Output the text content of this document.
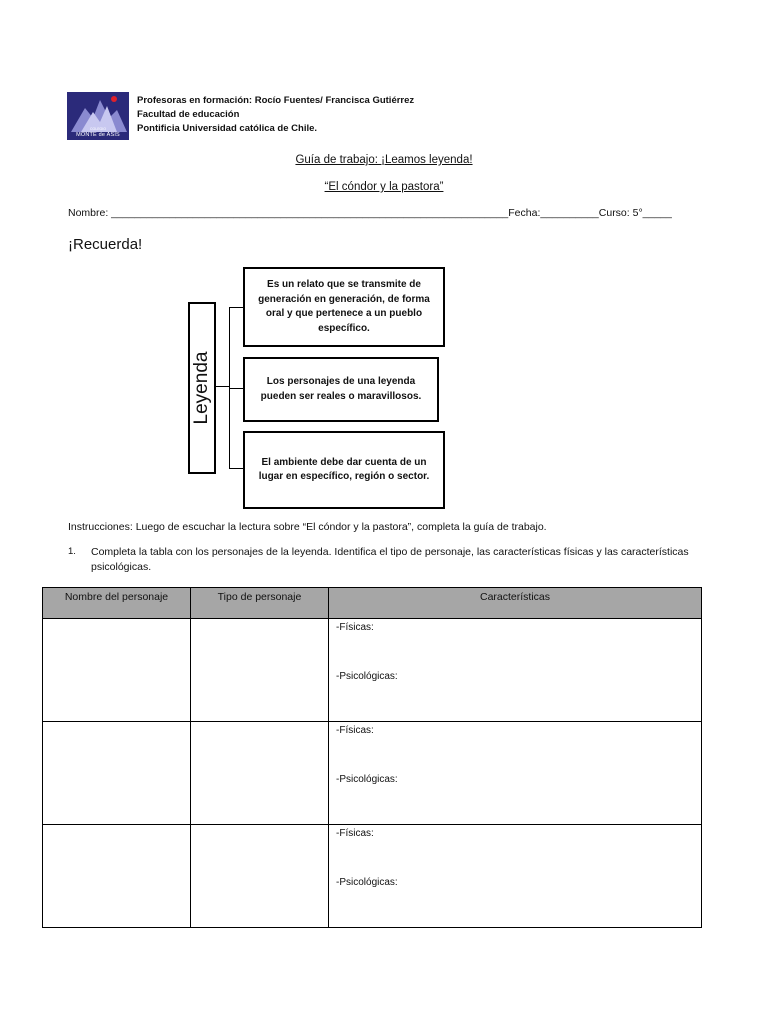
COLEGIO
MONTE de ASIS
Profesoras en formación: Rocío Fuentes/ Francisca Gutiérrez
Facultad de educación
Pontificia Universidad católica de Chile.
Guía de trabajo: ¡Leamos leyenda!
“El cóndor y la pastora”
Nombre: ____________________________________________________________________Fecha:__________Curso: 5°_____
¡Recuerda!
Leyenda
Es un relato que se transmite de generación en generación, de forma oral y que pertenece a un pueblo específico.
Los personajes de una leyenda pueden ser reales o maravillosos.
El ambiente debe dar cuenta de un lugar en específico, región o sector.
Instrucciones: Luego de escuchar la lectura sobre “El cóndor y la pastora”, completa la guía de trabajo.
1. Completa la tabla con los personajes de la leyenda. Identifica el tipo de personaje, las características físicas y las características psicológicas.
Nombre del personaje	Tipo de personaje	Características

		-Físicas:
-Psicológicas:

		-Físicas:
-Psicológicas:

		-Físicas:
-Psicológicas:
